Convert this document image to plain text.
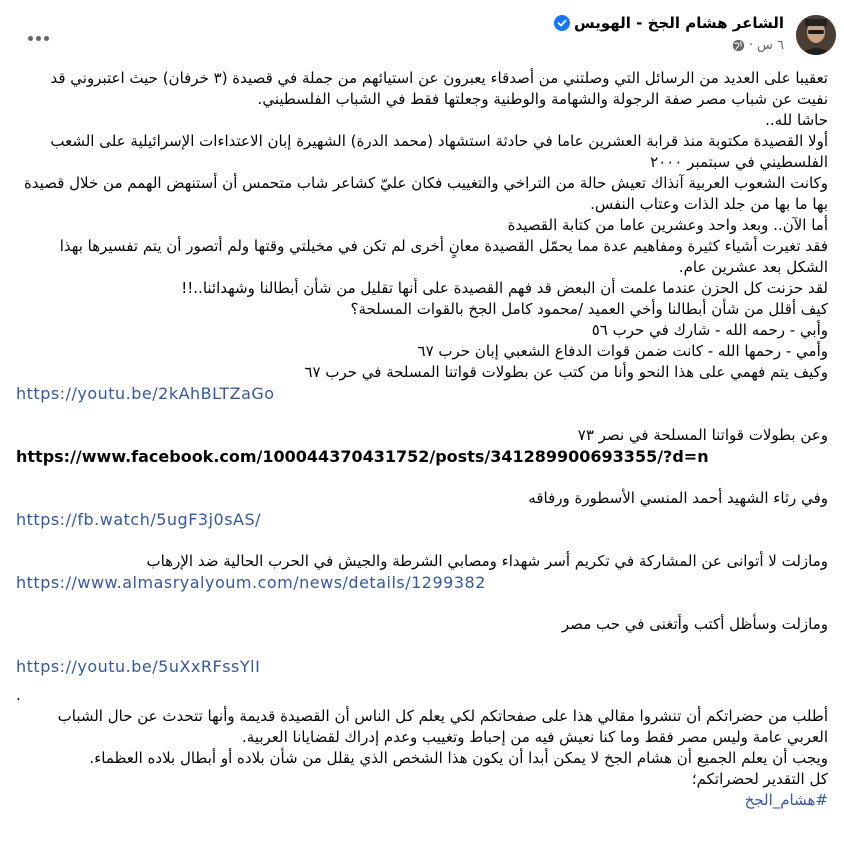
الشاعر هشام الجخ - الهويس
٦ س
·

تعقيبا على العديد من الرسائل التي وصلتني من أصدقاء يعبرون عن استيائهم من جملة في قصيدة (٣ خرفان) حيث اعتبروني قد نفيت عن شباب مصر صفة الرجولة والشهامة والوطنية وجعلتها فقط في الشباب الفلسطيني.

حاشا لله..

أولا القصيدة مكتوبة منذ قرابة العشرين عاما في حادثة استشهاد (محمد الدرة) الشهيرة إبان الاعتداءات الإسرائيلية على الشعب الفلسطيني في سبتمبر ٢٠٠٠

وكانت الشعوب العربية آنذاك تعيش حالة من التراخي والتغييب فكان عليّ كشاعر شاب متحمس أن أستنهض الهمم من خلال قصيدة بها ما بها من جلد الذات وعتاب النفس.

أما الآن.. وبعد واحد وعشرين عاما من كتابة القصيدة

فقد تغيرت أشياء كثيرة ومفاهيم عدة مما يحمّل القصيدة معانٍ أخرى لم تكن في مخيلتي وقتها ولم أتصور أن يتم تفسيرها بهذا الشكل بعد عشرين عام.

لقد حزنت كل الحزن عندما علمت أن البعض قد فهم القصيدة على أنها تقليل من شأن أبطالنا وشهدائنا..!!

كيف أقلل من شأن أبطالنا وأخي العميد /محمود كامل الجخ بالقوات المسلحة؟

وأبي - رحمه الله - شارك في حرب ٥٦

وأمي - رحمها الله - كانت ضمن قوات الدفاع الشعبي إبان حرب ٦٧

وكيف يتم فهمي على هذا النحو وأنا من كتب عن بطولات قواتنا المسلحة في حرب ٦٧

https://youtu.be/2kAhBLTZaGo

وعن بطولات قواتنا المسلحة في نصر ٧٣

https://www.facebook.com/100044370431752/posts/341289900693355/?d=n

وفي رثاء الشهيد أحمد المنسي الأسطورة ورفاقه

https://fb.watch/5ugF3j0sAS/

ومازلت لا أتوانى عن المشاركة في تكريم أسر شهداء ومصابي الشرطة والجيش في الحرب الحالية ضد الإرهاب

https://www.almasryalyoum.com/news/details/1299382

ومازلت وسأظل أكتب وأتغنى في حب مصر

https://youtu.be/5uXxRFssYlI
.

أطلب من حضراتكم أن تنشروا مقالي هذا على صفحاتكم لكي يعلم كل الناس أن القصيدة قديمة وأنها تتحدث عن حال الشباب العربي عامة وليس مصر فقط وما كنا نعيش فيه من إحباط وتغييب وعدم إدراك لقضايانا العربية.

ويجب أن يعلم الجميع أن هشام الجخ لا يمكن أبدا أن يكون هذا الشخص الذي يقلل من شأن بلاده أو أبطال بلاده العظماء.

كل التقدير لحضراتكم؛

#هشام_الجخ
